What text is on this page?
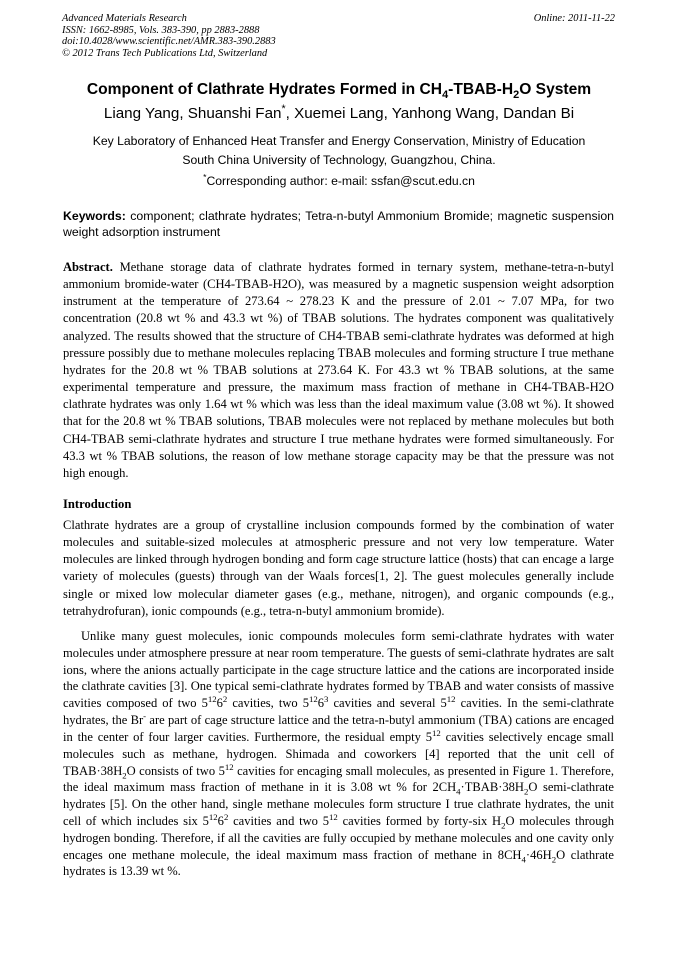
Advanced Materials Research
ISSN: 1662-8985, Vols. 383-390, pp 2883-2888
doi:10.4028/www.scientific.net/AMR.383-390.2883
© 2012 Trans Tech Publications Ltd, Switzerland
Online: 2011-11-22
Component of Clathrate Hydrates Formed in $CH_4-TBAB-H_2O$ System
Liang Yang, Shuanshi Fan*, Xuemei Lang, Yanhong Wang, Dandan Bi
Key Laboratory of Enhanced Heat Transfer and Energy Conservation, Ministry of Education
South China University of Technology, Guangzhou, China.
*Corresponding author: e-mail: ssfan@scut.edu.cn
Keywords: component; clathrate hydrates; Tetra-n-butyl Ammonium Bromide; magnetic suspension weight adsorption instrument
Abstract. Methane storage data of clathrate hydrates formed in ternary system, methane-tetra-n-butyl ammonium bromide-water (CH4-TBAB-H2O), was measured by a magnetic suspension weight adsorption instrument at the temperature of 273.64 ~ 278.23 K and the pressure of 2.01 ~ 7.07 MPa, for two concentration (20.8 wt % and 43.3 wt %) of TBAB solutions. The hydrates component was qualitatively analyzed. The results showed that the structure of CH4-TBAB semi-clathrate hydrates was deformed at high pressure possibly due to methane molecules replacing TBAB molecules and forming structure I true methane hydrates for the 20.8 wt % TBAB solutions at 273.64 K. For 43.3 wt % TBAB solutions, at the same experimental temperature and pressure, the maximum mass fraction of methane in CH4-TBAB-H2O clathrate hydrates was only 1.64 wt % which was less than the ideal maximum value (3.08 wt %). It showed that for the 20.8 wt % TBAB solutions, TBAB molecules were not replaced by methane molecules but both CH4-TBAB semi-clathrate hydrates and structure I true methane hydrates were formed simultaneously. For 43.3 wt % TBAB solutions, the reason of low methane storage capacity may be that the pressure was not high enough.
Introduction
Clathrate hydrates are a group of crystalline inclusion compounds formed by the combination of water molecules and suitable-sized molecules at atmospheric pressure and not very low temperature. Water molecules are linked through hydrogen bonding and form cage structure lattice (hosts) that can encage a large variety of molecules (guests) through van der Waals forces[1, 2]. The guest molecules generally include single or mixed low molecular diameter gases (e.g., methane, nitrogen), and organic compounds (e.g., tetrahydrofuran), ionic compounds (e.g., tetra-n-butyl ammonium bromide).
Unlike many guest molecules, ionic compounds molecules form semi-clathrate hydrates with water molecules under atmosphere pressure at near room temperature. The guests of semi-clathrate hydrates are salt ions, where the anions actually participate in the cage structure lattice and the cations are incorporated inside the clathrate cavities [3]. One typical semi-clathrate hydrates formed by TBAB and water consists of massive cavities composed of two $5^{12}6^2$ cavities, two $5^{12}6^3$ cavities and several $5^{12}$ cavities. In the semi-clathrate hydrates, the Br- are part of cage structure lattice and the tetra-n-butyl ammonium (TBA) cations are encaged in the center of four larger cavities. Furthermore, the residual empty $5^{12}$ cavities selectively encage small molecules such as methane, hydrogen. Shimada and coworkers [4] reported that the unit cell of $TBAB\cdot 38H_2O$ consists of two $5^{12}$ cavities for encaging small molecules, as presented in Figure 1. Therefore, the ideal maximum mass fraction of methane in it is 3.08 wt % for $2CH_4\cdot TBAB\cdot 38H_2O$ semi-clathrate hydrates [5]. On the other hand, single methane molecules form structure I true clathrate hydrates, the unit cell of which includes six $5^{12}6^2$ cavities and two $5^{12}$ cavities formed by forty-six $H_2O$ molecules through hydrogen bonding. Therefore, if all the cavities are fully occupied by methane molecules and one cavity only encages one methane molecule, the ideal maximum mass fraction of methane in $8CH_4\cdot 46H_2O$ clathrate hydrates is 13.39 wt %.
